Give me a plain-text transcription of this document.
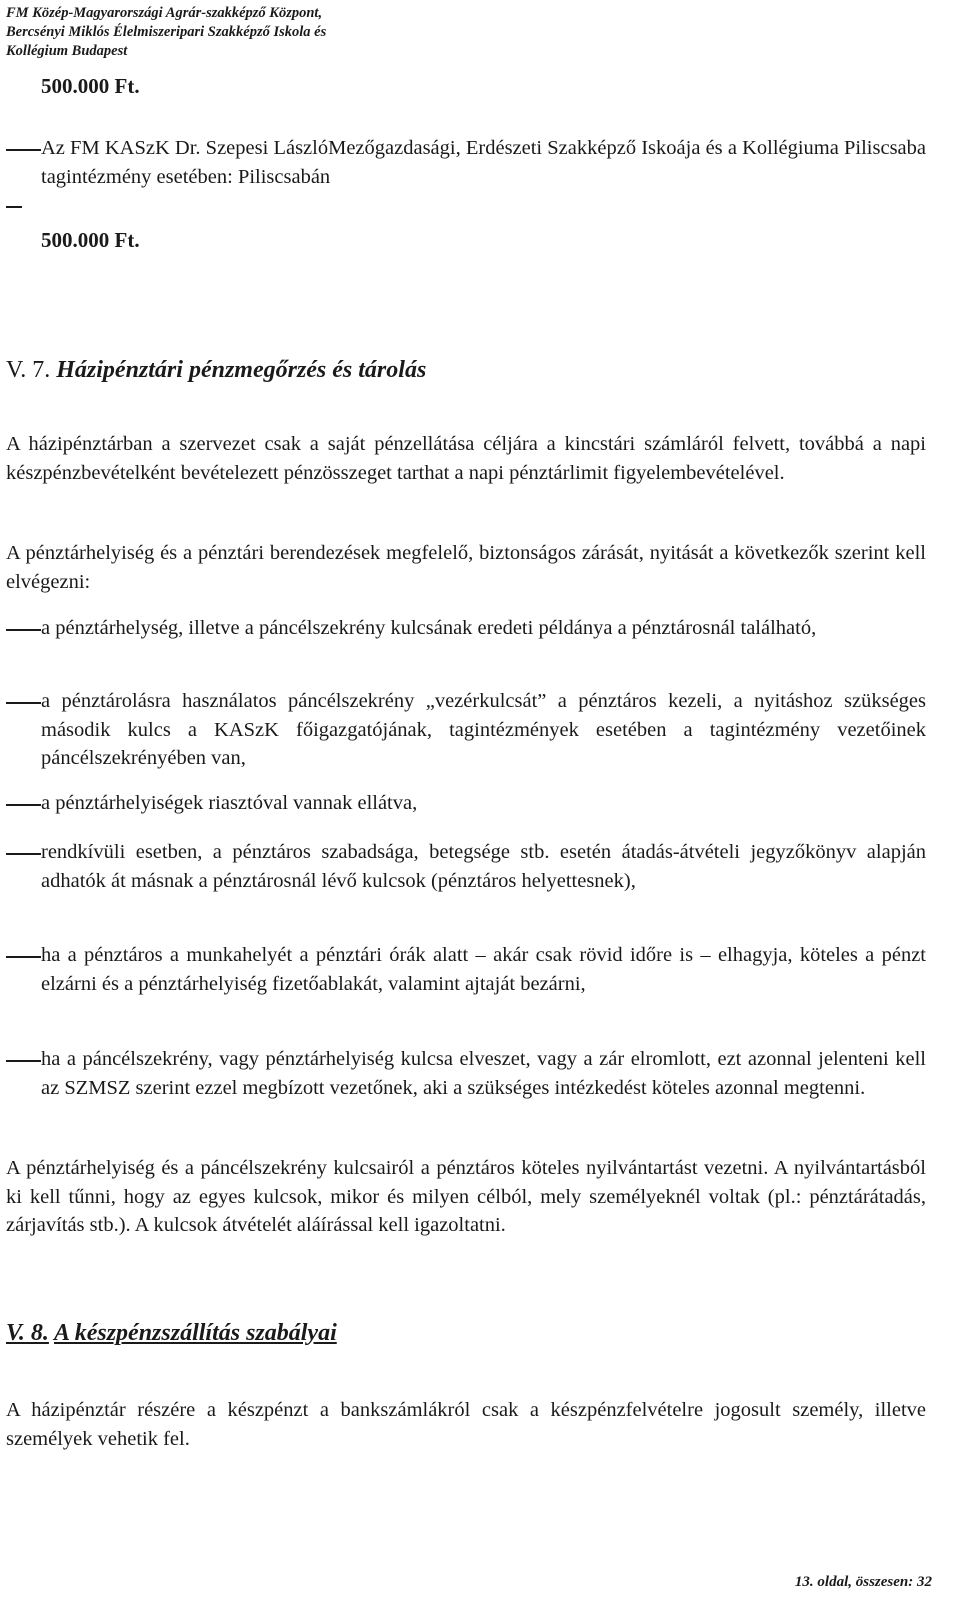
FM Közép-Magyarországi Agrár-szakképző Központ,
Bercsényi Miklós Élelmiszeripari Szakképző Iskola és
Kollégium Budapest
500.000 Ft.
Az FM KASzK Dr. Szepesi LászlóMezőgazdasági, Erdészeti Szakképző Iskoája és a Kollégiuma Piliscsaba tagintézmény esetében: Piliscsabán
500.000 Ft.
V. 7. Házipénztári pénzmegőrzés és tárolás
A házipénztárban a szervezet csak a saját pénzellátása céljára a kincstári számláról felvett, továbbá a napi készpénzbevételként bevételezett pénzösszeget tarthat a napi pénztárlimit figyelembevételével.
A pénztárhelyiség és a pénztári berendezések megfelelő, biztonságos zárását, nyitását a következők szerint kell elvégezni:
a pénztárhelység, illetve a páncélszekrény kulcsának eredeti példánya a pénztárosnál található,
a pénztárolásra használatos páncélszekrény „vezérkulcsát” a pénztáros kezeli, a nyitáshoz szükséges második kulcs a KASzK főigazgatójának, tagintézmények esetében a tagintézmény vezetőinek páncélszekrényében van,
a pénztárhelyiségek riasztóval vannak ellátva,
rendkívüli esetben, a pénztáros szabadsága, betegsége stb. esetén átadás-átvételi jegyzőkönyv alapján adhatók át másnak a pénztárosnál lévő kulcsok (pénztáros helyettesnek),
ha a pénztáros a munkahelyét a pénztári órák alatt – akár csak rövid időre is – elhagyja, köteles a pénzt elzárni és a pénztárhelyiség fizetőablakát, valamint ajtaját bezárni,
ha a páncélszekrény, vagy pénztárhelyiség kulcsa elveszet, vagy a zár elromlott, ezt azonnal jelenteni kell az SZMSZ szerint ezzel megbízott vezetőnek, aki a szükséges intézkedést köteles azonnal megtenni.
A pénztárhelyiség és a páncélszekrény kulcsairól a pénztáros köteles nyilvántartást vezetni. A nyilvántartásból ki kell tűnni, hogy az egyes kulcsok, mikor és milyen célból, mely személyeknél voltak (pl.: pénztárátadás, zárjavítás stb.). A kulcsok átvételét aláírással kell igazoltatni.
V. 8. A készpénzszállítás szabályai
A házipénztár részére a készpénzt a bankszámlákról csak a készpénzfelvételre jogosult személy, illetve személyek vehetik fel.
13. oldal, összesen: 32
